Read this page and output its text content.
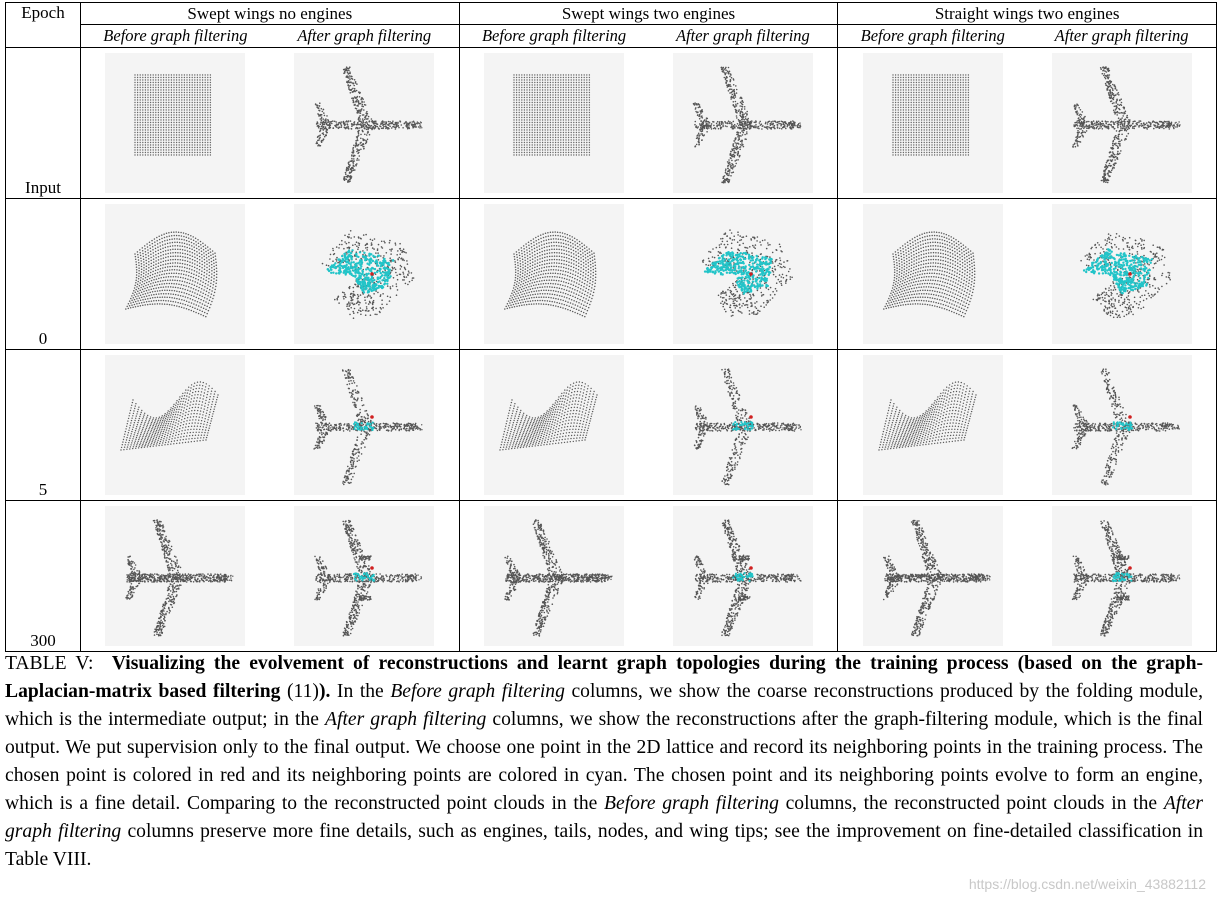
Epoch	Swept wings no engines	Swept wings two engines	Straight wings two engines

	Before graph filtering After graph filtering	Before graph filtering After graph filtering	Before graph filtering After graph filtering

Input	

0	

5	

300	

TABLE V: Visualizing the evolvement of reconstructions and learnt graph topologies during the training process (based on the graph-Laplacian-matrix based filtering (11)). In the Before graph filtering columns, we show the coarse reconstructions produced by the folding module, which is the intermediate output; in the After graph filtering columns, we show the reconstructions after the graph-filtering module, which is the final output. We put supervision only to the final output. We choose one point in the 2D lattice and record its neighboring points in the training process. The chosen point is colored in red and its neighboring points are colored in cyan. The chosen point and its neighboring points evolve to form an engine, which is a fine detail. Comparing to the reconstructed point clouds in the Before graph filtering columns, the reconstructed point clouds in the After graph filtering columns preserve more fine details, such as engines, tails, nodes, and wing tips; see the improvement on fine-detailed classification in Table VIII.
https://blog.csdn.net/weixin_43882112
